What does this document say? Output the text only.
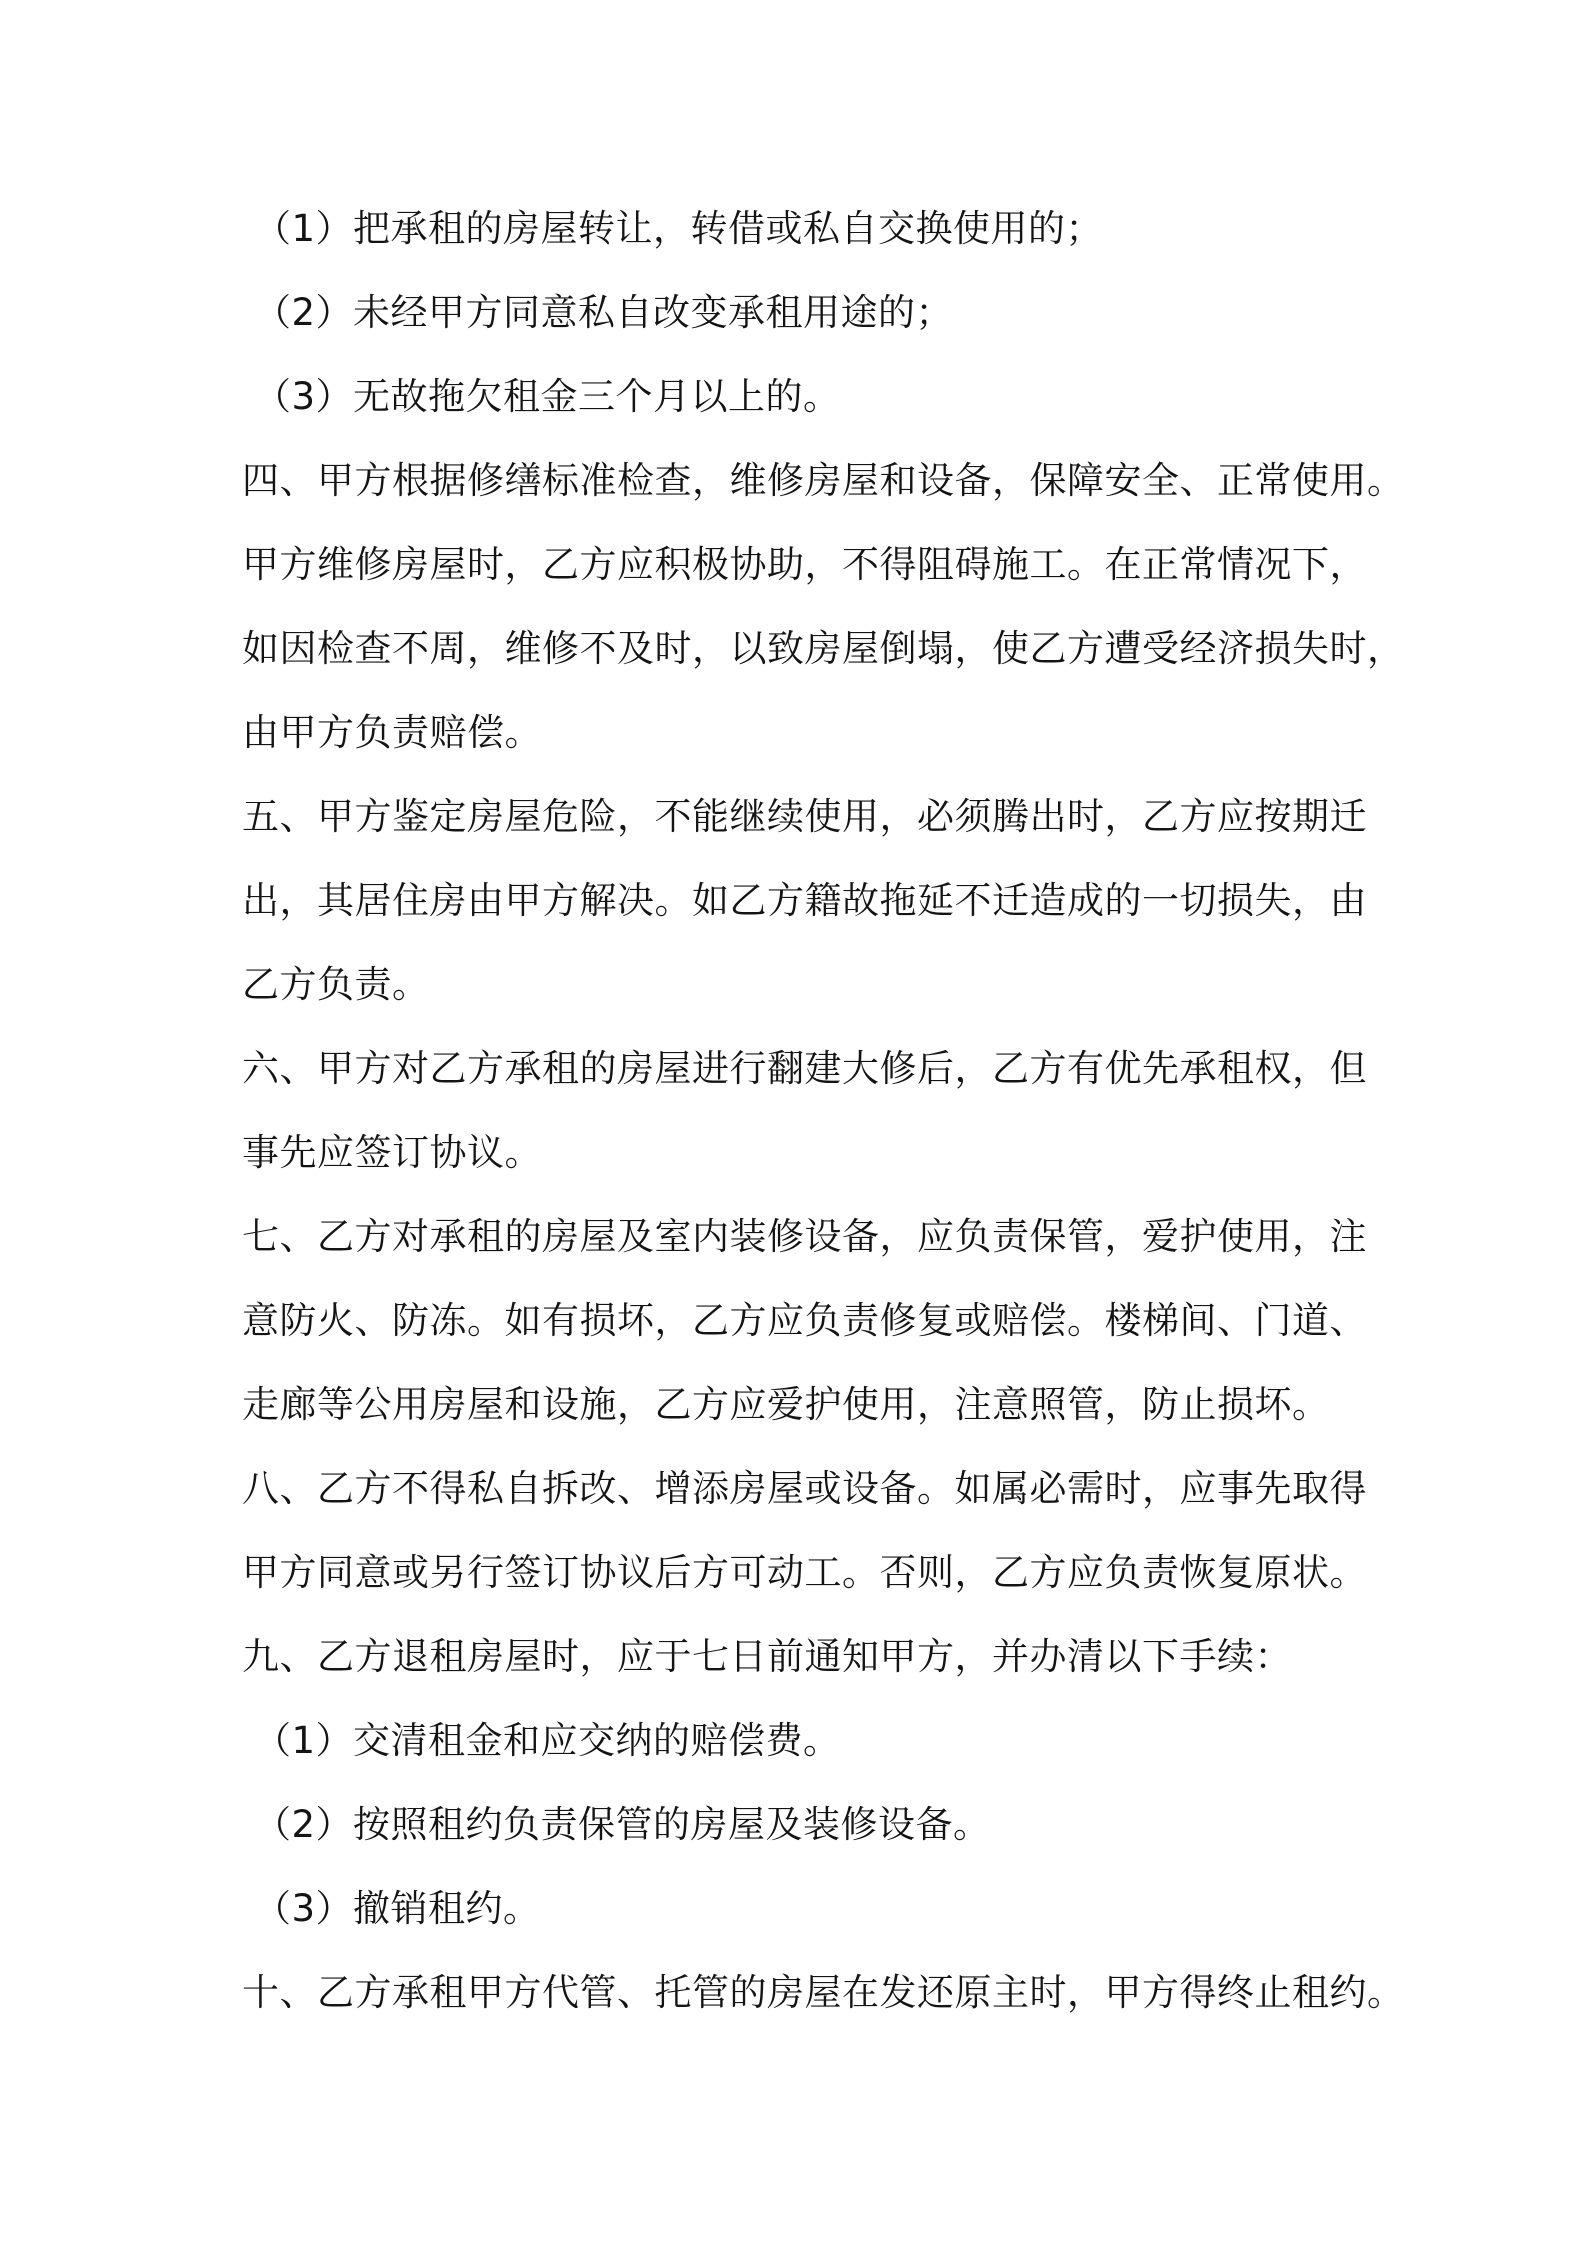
（1）把承租的房屋转让，转借或私自交换使用的；
（2）未经甲方同意私自改变承租用途的；
（3）无故拖欠租金三个月以上的。
四、甲方根据修缮标准检查，维修房屋和设备，保障安全、正常使用。
甲方维修房屋时，乙方应积极协助，不得阻碍施工。在正常情况下，
如因检查不周，维修不及时，以致房屋倒塌，使乙方遭受经济损失时，
由甲方负责赔偿。
五、甲方鉴定房屋危险，不能继续使用，必须腾出时，乙方应按期迁
出，其居住房由甲方解决。如乙方籍故拖延不迁造成的一切损失，由
乙方负责。
六、甲方对乙方承租的房屋进行翻建大修后，乙方有优先承租权，但
事先应签订协议。
七、乙方对承租的房屋及室内装修设备，应负责保管，爱护使用，注
意防火、防冻。如有损坏，乙方应负责修复或赔偿。楼梯间、门道、
走廊等公用房屋和设施，乙方应爱护使用，注意照管，防止损坏。
八、乙方不得私自拆改、增添房屋或设备。如属必需时，应事先取得
甲方同意或另行签订协议后方可动工。否则，乙方应负责恢复原状。
九、乙方退租房屋时，应于七日前通知甲方，并办清以下手续：
（1）交清租金和应交纳的赔偿费。
（2）按照租约负责保管的房屋及装修设备。
（3）撤销租约。
十、乙方承租甲方代管、托管的房屋在发还原主时，甲方得终止租约。
